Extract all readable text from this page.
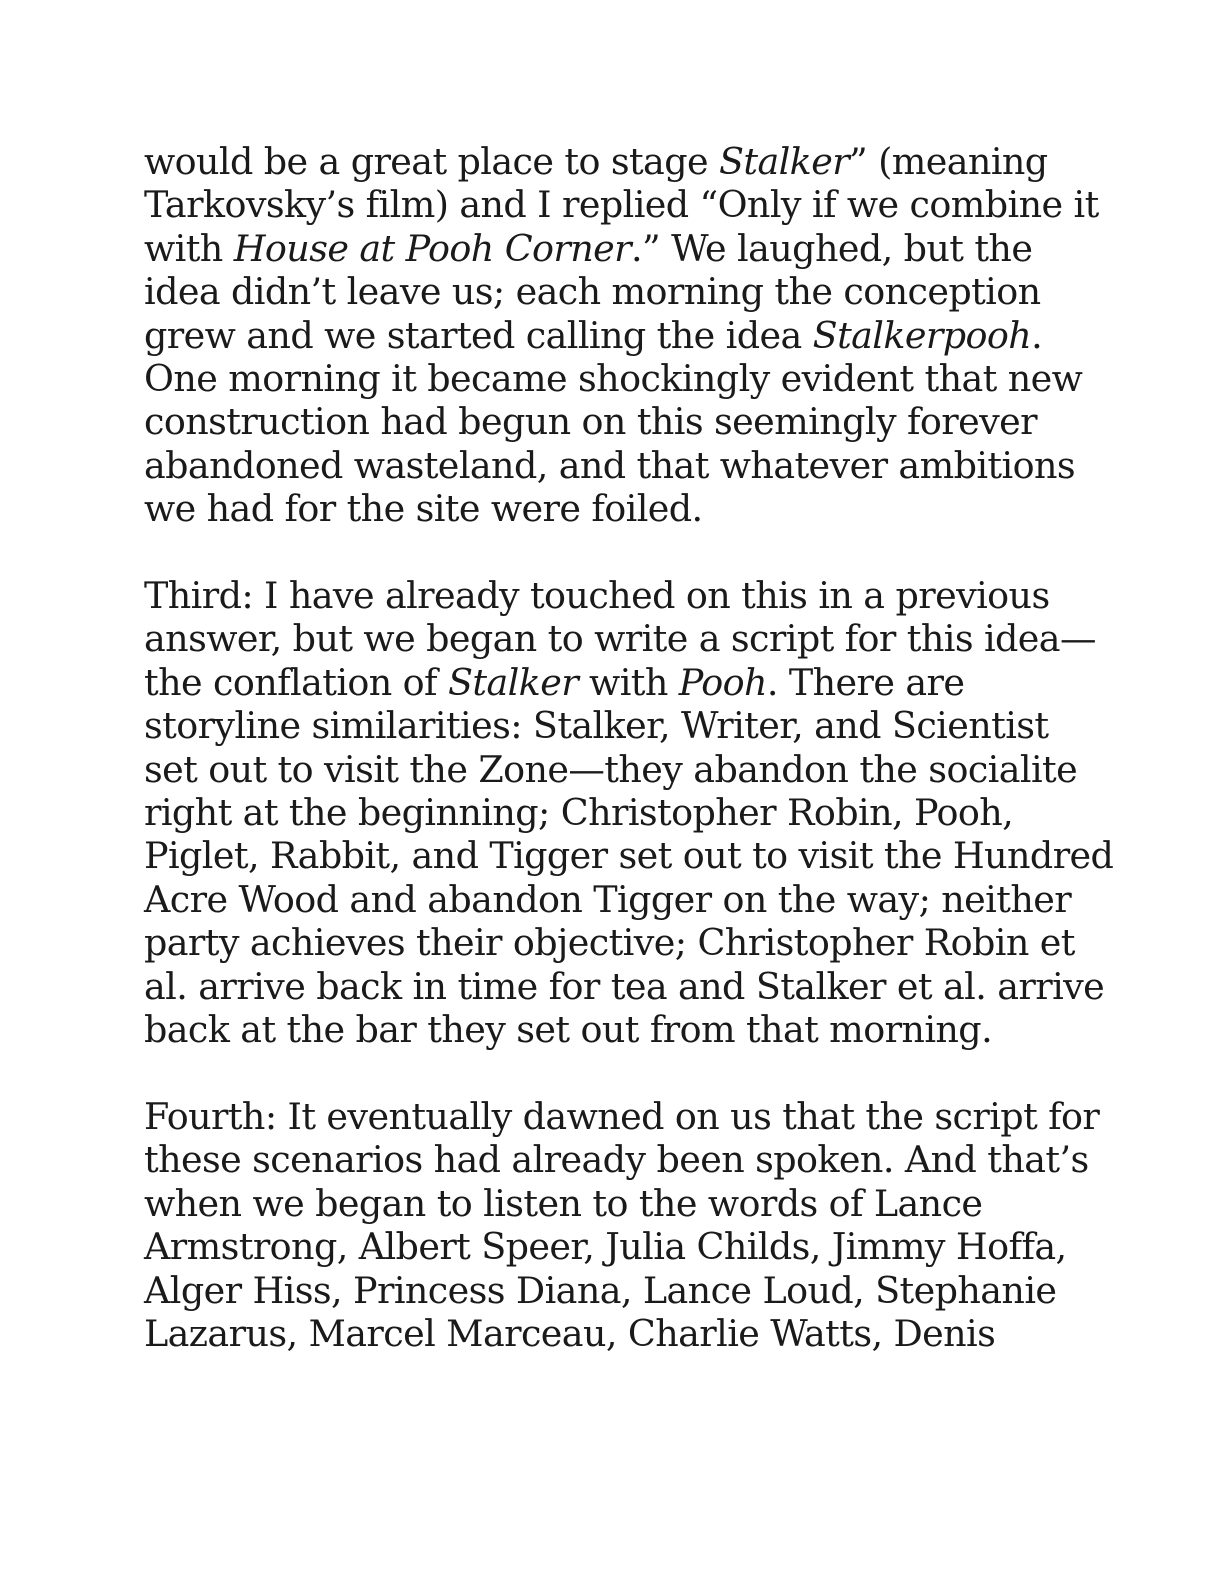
would be a great place to stage Stalker” (meaning
Tarkovsky’s film) and I replied “Only if we combine it
with House at Pooh Corner.” We laughed, but the
idea didn’t leave us; each morning the conception
grew and we started calling the idea Stalkerpooh.
One morning it became shockingly evident that new
construction had begun on this seemingly forever
abandoned wasteland, and that whatever ambitions
we had for the site were foiled.

Third: I have already touched on this in a previous
answer, but we began to write a script for this idea—
the conflation of Stalker with Pooh. There are
storyline similarities: Stalker, Writer, and Scientist
set out to visit the Zone—they abandon the socialite
right at the beginning; Christopher Robin, Pooh,
Piglet, Rabbit, and Tigger set out to visit the Hundred
Acre Wood and abandon Tigger on the way; neither
party achieves their objective; Christopher Robin et
al. arrive back in time for tea and Stalker et al. arrive
back at the bar they set out from that morning.

Fourth: It eventually dawned on us that the script for
these scenarios had already been spoken. And that’s
when we began to listen to the words of Lance
Armstrong, Albert Speer, Julia Childs, Jimmy Hoffa,
Alger Hiss, Princess Diana, Lance Loud, Stephanie
Lazarus, Marcel Marceau, Charlie Watts, Denis
